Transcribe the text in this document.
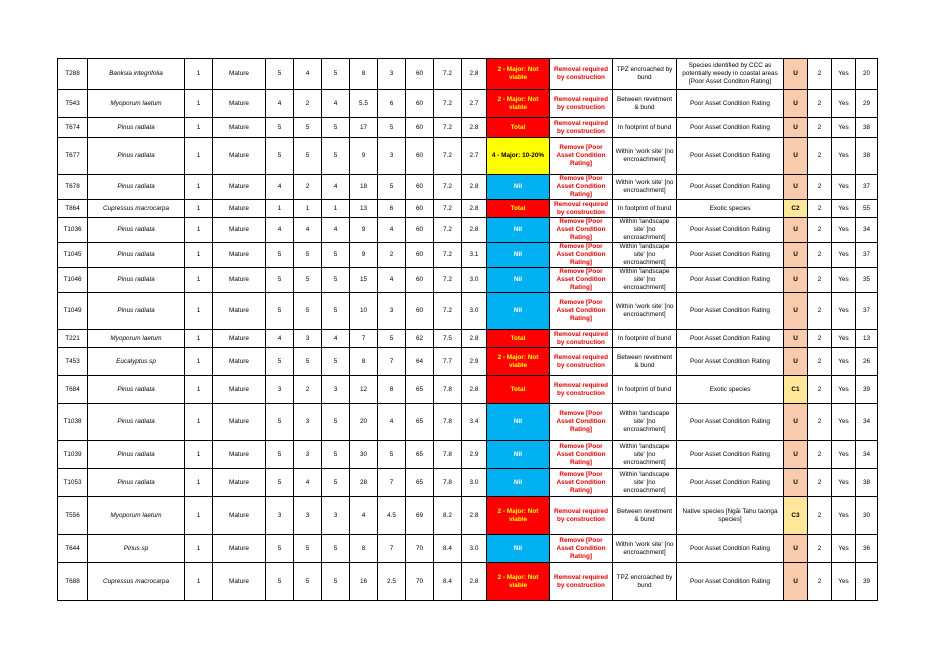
T288	Banksia integrifolia	1	Mature	5	4	5	8	3	60	7.2	2.8	2 - Major: Not viable	Removal required by construction	TPZ encroached by bund	Species identified by CCC as potentially weedy in coastal areas [Poor Asset Conditon Rating]	U	2	Yes	20
T543	Myoporum laetum	1	Mature	4	2	4	5.5	6	60	7.2	2.7	2 - Major: Not viable	Removal required by construction	Between revetment & bund	Poor Asset Condition Rating	U	2	Yes	29
T674	Pinus radiata	1	Mature	5	5	5	17	5	60	7.2	2.8	Total	Removal required by construction	In footprint of bund	Poor Asset Condition Rating	U	2	Yes	38
T677	Pinus radiata	1	Mature	5	5	5	9	3	60	7.2	2.7	4 - Major: 10-20%	Remove [Poor Asset Condition Rating]	Within 'work site' [no encroachment]	Poor Asset Condition Rating	U	2	Yes	38
T678	Pinus radiata	1	Mature	4	2	4	18	5	60	7.2	2.8	Nil	Remove [Poor Asset Condition Rating]	Within 'work site' [no encroachment]	Poor Asset Condition Rating	U	2	Yes	37
T864	Cupressus macrocarpa	1	Mature	1	1	1	13	6	60	7.2	2.8	Total	Removal required by construction	In footprint of bund	Exotic species	C2	2	Yes	55
T1036	Pinus radiata	1	Mature	4	4	4	9	4	60	7.2	2.8	Nil	Remove [Poor Asset Condition Rating]	Within 'landscape site' [no encroachment]	Poor Asset Condition Rating	U	2	Yes	34
T1045	Pinus radiata	1	Mature	5	5	5	9	2	60	7.2	3.1	Nil	Remove [Poor Asset Condition Rating]	Within 'landscape site' [no encroachment]	Poor Asset Condition Rating	U	2	Yes	37
T1046	Pinus radiata	1	Mature	5	5	5	15	4	60	7.2	3.0	Nil	Remove [Poor Asset Condition Rating]	Within 'landscape site' [no encroachment]	Poor Asset Condition Rating	U	2	Yes	35
T1049	Pinus radiata	1	Mature	5	5	5	10	3	60	7.2	3.0	Nil	Remove [Poor Asset Condition Rating]	Within 'work site' [no encroachment]	Poor Asset Condition Rating	U	2	Yes	37
T221	Myoporum laetum	1	Mature	4	3	4	7	5	62	7.5	2.8	Total	Removal required by construction	In footprint of bund	Poor Asset Condition Rating	U	2	Yes	13
T453	Eucalyptus sp	1	Mature	5	5	5	8	7	64	7.7	2.9	2 - Major: Not viable	Removal required by construction	Between revetment & bund	Poor Asset Condition Rating	U	2	Yes	26
T684	Pinus radiata	1	Mature	3	2	3	12	8	65	7.8	2.8	Total	Removal required by construction	In footprint of bund	Exotic species	C1	2	Yes	39
T1038	Pinus radiata	1	Mature	5	3	5	20	4	65	7.8	3.4	Nil	Remove [Poor Asset Condition Rating]	Within 'landscape site' [no encroachment]	Poor Asset Condition Rating	U	2	Yes	34
T1039	Pinus radiata	1	Mature	5	3	5	30	5	65	7.8	2.9	Nil	Remove [Poor Asset Condition Rating]	Within 'landscape site' [no encroachment]	Poor Asset Condition Rating	U	2	Yes	34
T1053	Pinus radiata	1	Mature	5	4	5	28	7	65	7.8	3.0	Nil	Remove [Poor Asset Condition Rating]	Within 'landscape site' [no encroachment]	Poor Asset Condition Rating	U	2	Yes	38
T556	Myoporum laetum	1	Mature	3	3	3	4	4.5	69	8.2	2.8	2 - Major: Not viable	Removal required by construction	Between revetment & bund	Native species [Ngāi Tahu taonga species]	C3	2	Yes	30
T644	Pinus sp	1	Mature	5	5	5	8	7	70	8.4	3.0	Nil	Remove [Poor Asset Condition Rating]	Within 'work site' [no encroachment]	Poor Asset Condition Rating	U	2	Yes	36
T688	Cupressus macrocarpa	1	Mature	5	5	5	16	2.5	70	8.4	2.8	2 - Major: Not viable	Removal required by construction	TPZ encroached by bund	Poor Asset Condition Rating	U	2	Yes	39
